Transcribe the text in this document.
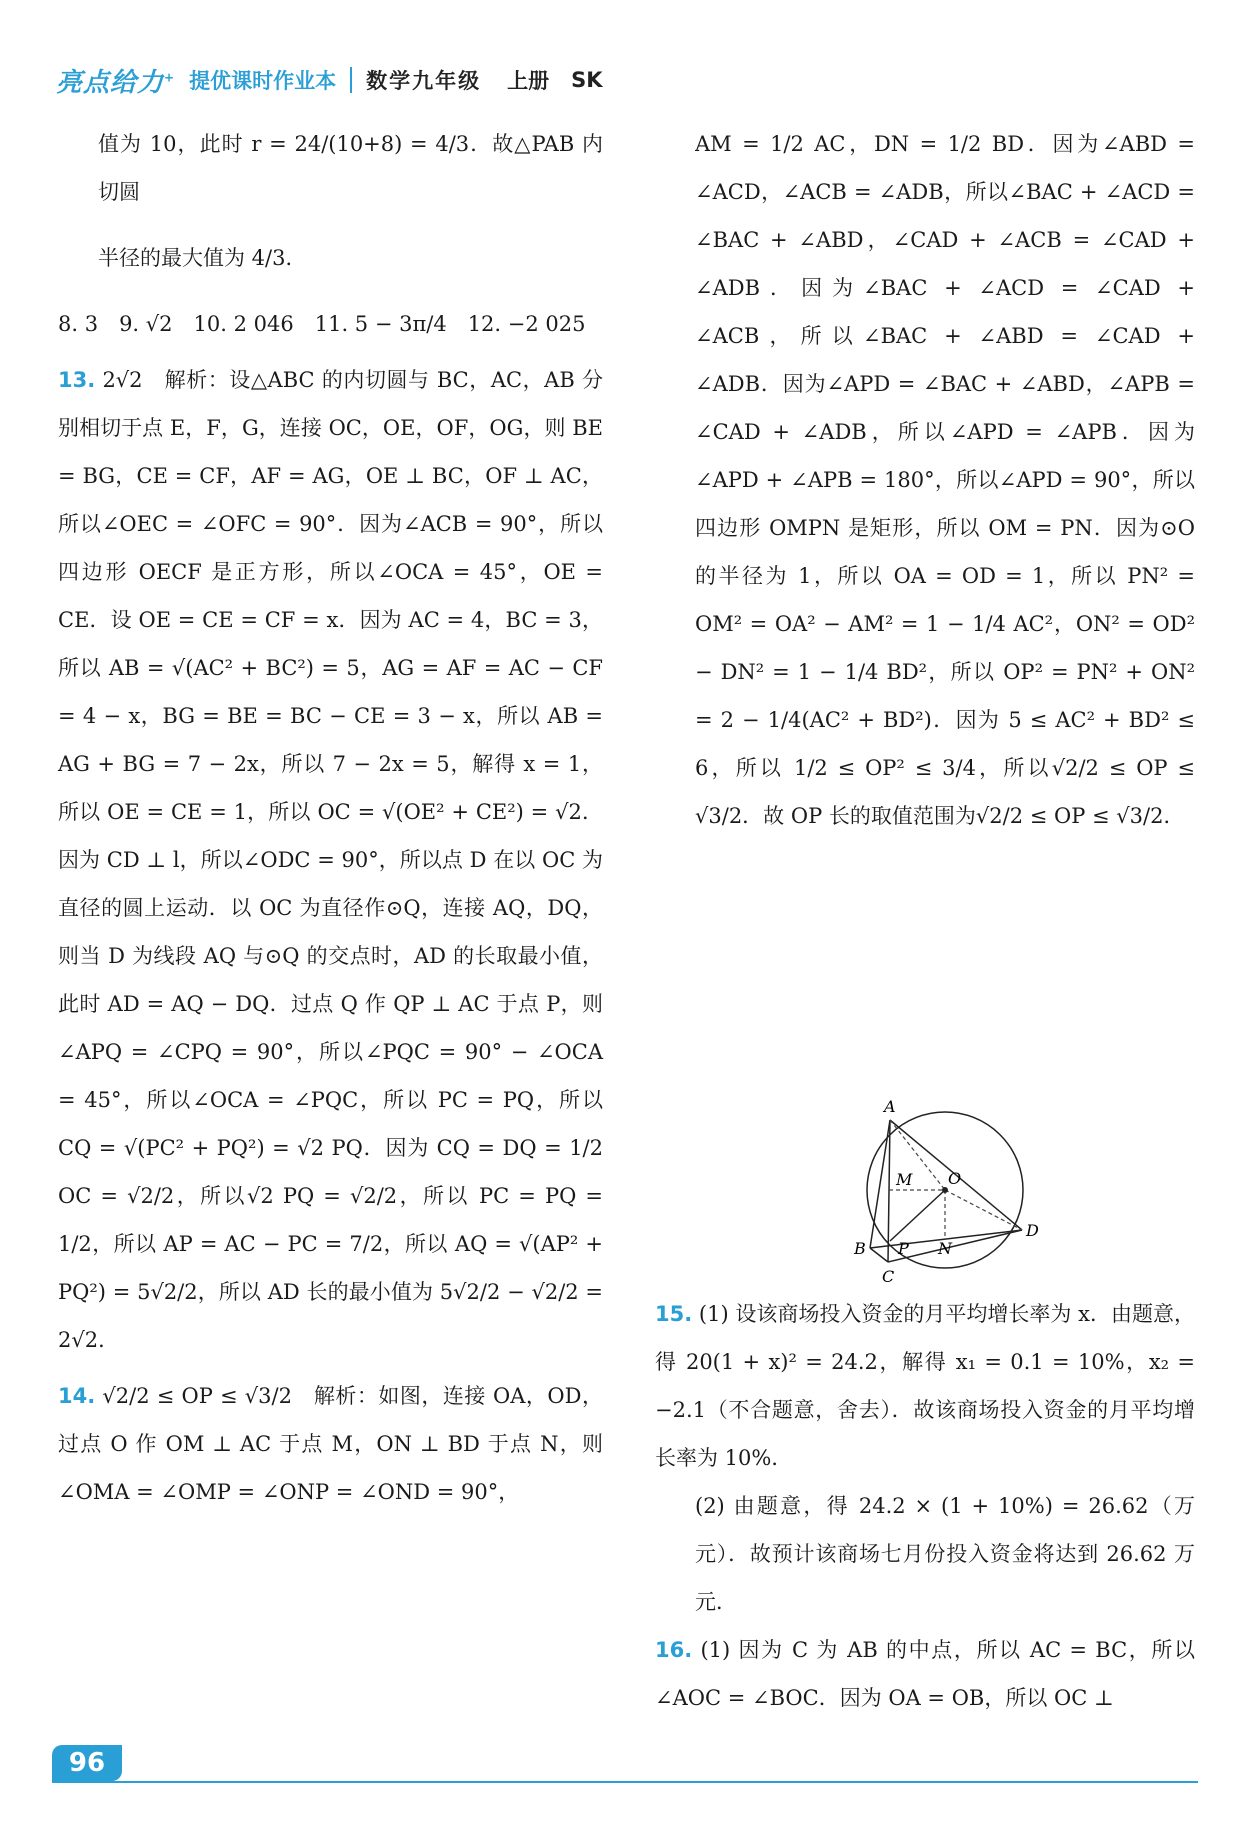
亮点给力+ 提优课时作业本 数学九年级 上册 SK

值为 10，此时 r = 24/(10+8) = 4/3．故△PAB 内切圆

半径的最大值为 4/3．

8. 3　9. √2　10. 2 046　11. 5 − 3π/4　12. −2 025

13. 2√2　解析：设△ABC 的内切圆与 BC，AC，AB 分别相切于点 E，F，G，连接 OC，OE，OF，OG，则 BE = BG，CE = CF，AF = AG，OE ⊥ BC，OF ⊥ AC，所以∠OEC = ∠OFC = 90°．因为∠ACB = 90°，所以四边形 OECF 是正方形，所以∠OCA = 45°，OE = CE．设 OE = CE = CF = x．因为 AC = 4，BC = 3，所以 AB = √(AC² + BC²) = 5，AG = AF = AC − CF = 4 − x，BG = BE = BC − CE = 3 − x，所以 AB = AG + BG = 7 − 2x，所以 7 − 2x = 5，解得 x = 1，所以 OE = CE = 1，所以 OC = √(OE² + CE²) = √2．因为 CD ⊥ l，所以∠ODC = 90°，所以点 D 在以 OC 为直径的圆上运动．以 OC 为直径作⊙Q，连接 AQ，DQ，则当 D 为线段 AQ 与⊙Q 的交点时，AD 的长取最小值，此时 AD = AQ − DQ．过点 Q 作 QP ⊥ AC 于点 P，则∠APQ = ∠CPQ = 90°，所以∠PQC = 90° − ∠OCA = 45°，所以∠OCA = ∠PQC，所以 PC = PQ，所以 CQ = √(PC² + PQ²) = √2 PQ．因为 CQ = DQ = 1/2 OC = √2/2，所以√2 PQ = √2/2，所以 PC = PQ = 1/2，所以 AP = AC − PC = 7/2，所以 AQ = √(AP² + PQ²) = 5√2/2，所以 AD 长的最小值为 5√2/2 − √2/2 = 2√2．

14. √2/2 ≤ OP ≤ √3/2　解析：如图，连接 OA，OD，过点 O 作 OM ⊥ AC 于点 M，ON ⊥ BD 于点 N，则∠OMA = ∠OMP = ∠ONP = ∠OND = 90°，

AM = 1/2 AC，DN = 1/2 BD．因为∠ABD = ∠ACD，∠ACB = ∠ADB，所以∠BAC + ∠ACD = ∠BAC + ∠ABD，∠CAD + ∠ACB = ∠CAD + ∠ADB．因为∠BAC + ∠ACD = ∠CAD + ∠ACB，所以∠BAC + ∠ABD = ∠CAD + ∠ADB．因为∠APD = ∠BAC + ∠ABD，∠APB = ∠CAD + ∠ADB，所以∠APD = ∠APB．因为∠APD + ∠APB = 180°，所以∠APD = 90°，所以四边形 OMPN 是矩形，所以 OM = PN．因为⊙O 的半径为 1，所以 OA = OD = 1，所以 PN² = OM² = OA² − AM² = 1 − 1/4 AC²，ON² = OD² − DN² = 1 − 1/4 BD²，所以 OP² = PN² + ON² = 2 − 1/4(AC² + BD²)．因为 5 ≤ AC² + BD² ≤ 6，所以 1/2 ≤ OP² ≤ 3/4，所以√2/2 ≤ OP ≤ √3/2．故 OP 长的取值范围为√2/2 ≤ OP ≤ √3/2．

15. (1) 设该商场投入资金的月平均增长率为 x．由题意，得 20(1 + x)² = 24.2，解得 x₁ = 0.1 = 10%，x₂ = −2.1（不合题意，舍去）．故该商场投入资金的月平均增长率为 10%．

(2) 由题意，得 24.2 × (1 + 10%) = 26.62（万元）．故预计该商场七月份投入资金将达到 26.62 万元．

16. (1) 因为 C 为 AB 的中点，所以 AC = BC，所以∠AOC = ∠BOC．因为 OA = OB，所以 OC ⊥

A
B
C
D
M O
P N
96
